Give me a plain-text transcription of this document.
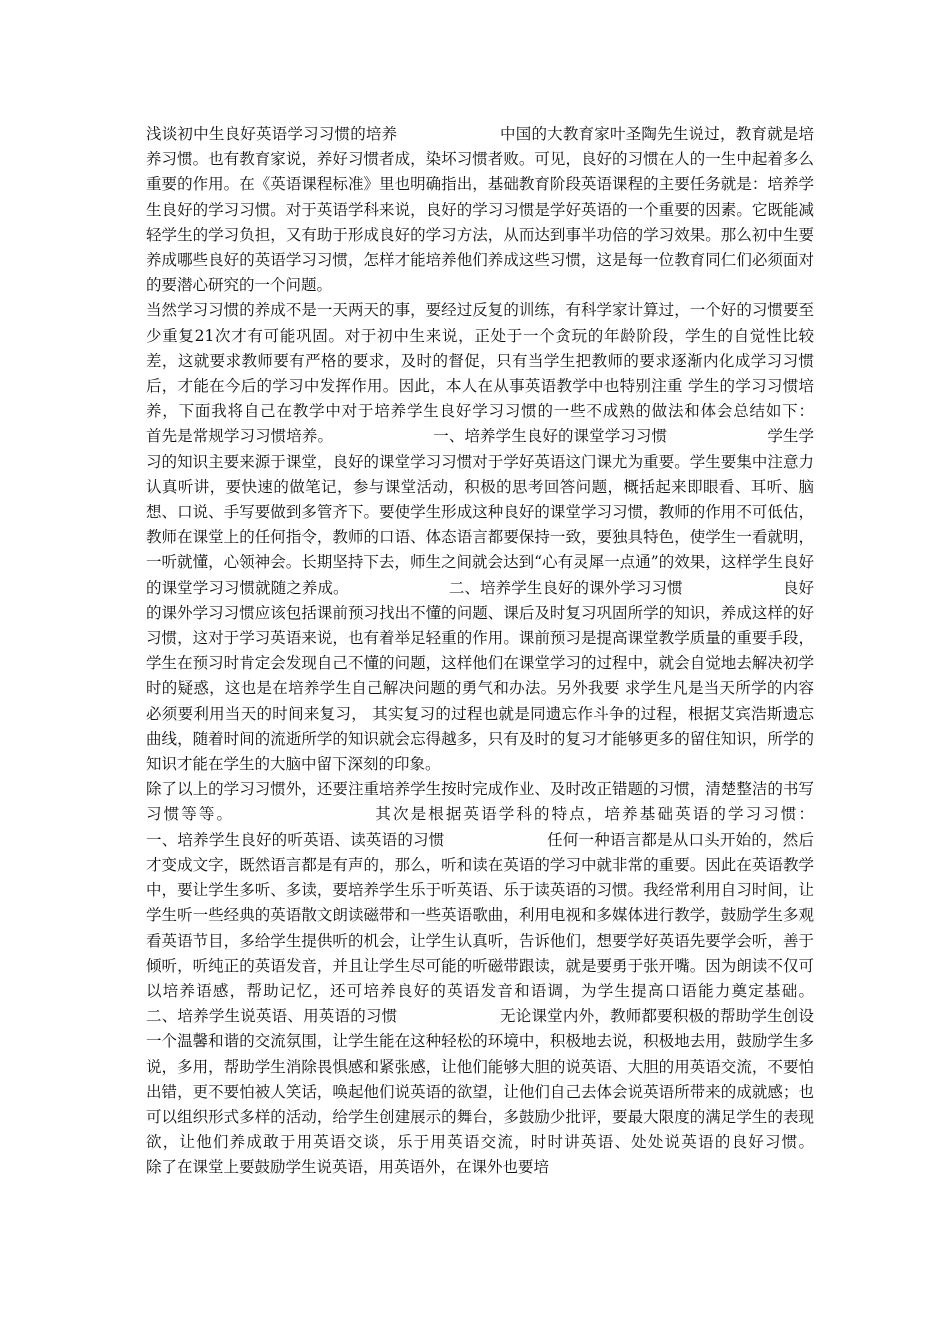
浅谈初中生良好英语学习习惯的培养                    中国的大教育家叶圣陶先生说过，教育就是培养习惯。也有教育家说，养好习惯者成，染坏习惯者败。可见，良好的习惯在人的一生中起着多么重要的作用。在《英语课程标准》里也明确指出，基础教育阶段英语课程的主要任务就是：培养学生良好的学习习惯。对于英语学科来说，良好的学习习惯是学好英语的一个重要的因素。它既能减轻学生的学习负担，又有助于形成良好的学习方法，从而达到事半功倍的学习效果。那么初中生要养成哪些良好的英语学习习惯，怎样才能培养他们养成这些习惯，这是每一位教育同仁们必须面对的要潜心研究的一个问题。

当然学习习惯的养成不是一天两天的事，要经过反复的训练，有科学家计算过，一个好的习惯要至少重复21次才有可能巩固。对于初中生来说，正处于一个贪玩的年龄阶段，学生的自觉性比较差，这就要求教师要有严格的要求，及时的督促，只有当学生把教师的要求逐渐内化成学习习惯后，才能在今后的学习中发挥作用。因此，本人在从事英语教学中也特别注重 学生的学习习惯培养，下面我将自己在教学中对于培养学生良好学习习惯的一些不成熟的做法和体会总结如下：                    首先是常规学习习惯培养。                    一、培养学生良好的课堂学习习惯                    学生学习的知识主要来源于课堂，良好的课堂学习习惯对于学好英语这门课尤为重要。学生要集中注意力认真听讲，要快速的做笔记，参与课堂活动，积极的思考回答问题，概括起来即眼看、耳听、脑想、口说、手写要做到多管齐下。要使学生形成这种良好的课堂学习习惯，教师的作用不可低估，教师在课堂上的任何指令，教师的口语、体态语言都要保持一致，要独具特色，使学生一看就明，一听就懂，心领神会。长期坚持下去，师生之间就会达到“心有灵犀一点通”的效果，这样学生良好的课堂学习习惯就随之养成。                    二、培养学生良好的课外学习习惯                    良好的课外学习习惯应该包括课前预习找出不懂的问题、课后及时复习巩固所学的知识，养成这样的好习惯，这对于学习英语来说，也有着举足轻重的作用。课前预习是提高课堂教学质量的重要手段，学生在预习时肯定会发现自己不懂的问题，这样他们在课堂学习的过程中，就会自觉地去解决初学时的疑惑，这也是在培养学生自己解决问题的勇气和办法。另外我要 求学生凡是当天所学的内容必须要利用当天的时间来复习， 其实复习的过程也就是同遗忘作斗争的过程，根据艾宾浩斯遗忘曲线，随着时间的流逝所学的知识就会忘得越多，只有及时的复习才能够更多的留住知识，所学的知识才能在学生的大脑中留下深刻的印象。

除了以上的学习习惯外，还要注重培养学生按时完成作业、及时改正错题的习惯，清楚整洁的书写习惯等等。                    其次是根据英语学科的特点，培养基础英语的学习习惯：                    一、培养学生良好的听英语、读英语的习惯                    任何一种语言都是从口头开始的，然后才变成文字，既然语言都是有声的，那么，听和读在英语的学习中就非常的重要。因此在英语教学中，要让学生多听、多读，要培养学生乐于听英语、乐于读英语的习惯。我经常利用自习时间，让学生听一些经典的英语散文朗读磁带和一些英语歌曲，利用电视和多媒体进行教学，鼓励学生多观看英语节目，多给学生提供听的机会，让学生认真听，告诉他们，想要学好英语先要学会听，善于倾听，听纯正的英语发音，并且让学生尽可能的听磁带跟读，就是要勇于张开嘴。因为朗读不仅可以培养语感，帮助记忆，还可培养良好的英语发音和语调，为学生提高口语能力奠定基础。                    二、培养学生说英语、用英语的习惯                    无论课堂内外，教师都要积极的帮助学生创设一个温馨和谐的交流氛围，让学生能在这种轻松的环境中，积极地去说，积极地去用，鼓励学生多说，多用，帮助学生消除畏惧感和紧张感，让他们能够大胆的说英语、大胆的用英语交流，不要怕出错，更不要怕被人笑话，唤起他们说英语的欲望，让他们自己去体会说英语所带来的成就感；也可以组织形式多样的活动，给学生创建展示的舞台，多鼓励少批评，要最大限度的满足学生的表现欲，让他们养成敢于用英语交谈，乐于用英语交流，时时讲英语、处处说英语的良好习惯。                    除了在课堂上要鼓励学生说英语，用英语外，在课外也要培
